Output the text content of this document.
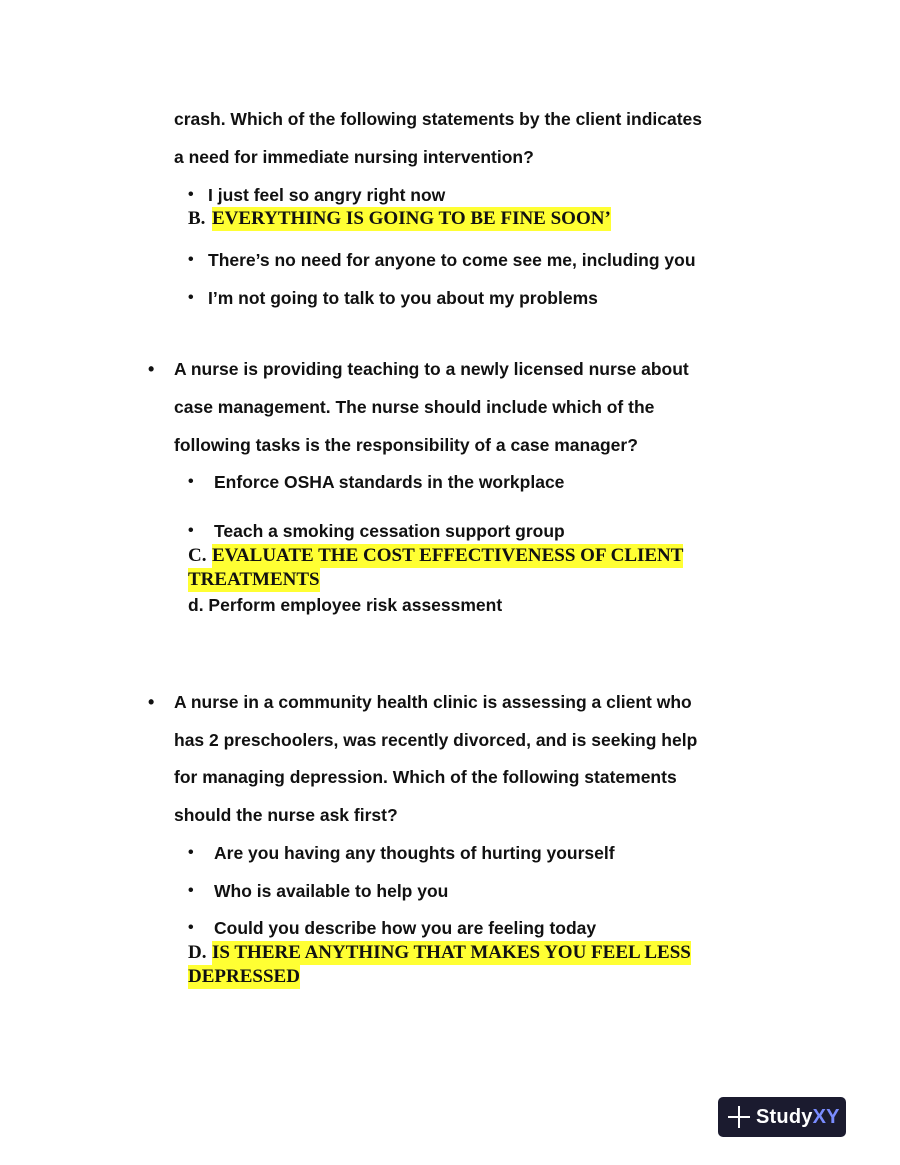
crash. Which of the following statements by the client indicates
a need for immediate nursing intervention?
• I just feel so angry right now
B. EVERYTHING IS GOING TO BE FINE SOON’
• There’s no need for anyone to come see me, including you
• I’m not going to talk to you about my problems
• A nurse is providing teaching to a newly licensed nurse about
case management. The nurse should include which of the
following tasks is the responsibility of a case manager?
• Enforce OSHA standards in the workplace
• Teach a smoking cessation support group
C. EVALUATE THE COST EFFECTIVENESS OF CLIENT
TREATMENTS
d. Perform employee risk assessment
• A nurse in a community health clinic is assessing a client who
has 2 preschoolers, was recently divorced, and is seeking help
for managing depression. Which of the following statements
should the nurse ask first?
• Are you having any thoughts of hurting yourself
• Who is available to help you
• Could you describe how you are feeling today
D. IS THERE ANYTHING THAT MAKES YOU FEEL LESS
DEPRESSED
StudyXY
